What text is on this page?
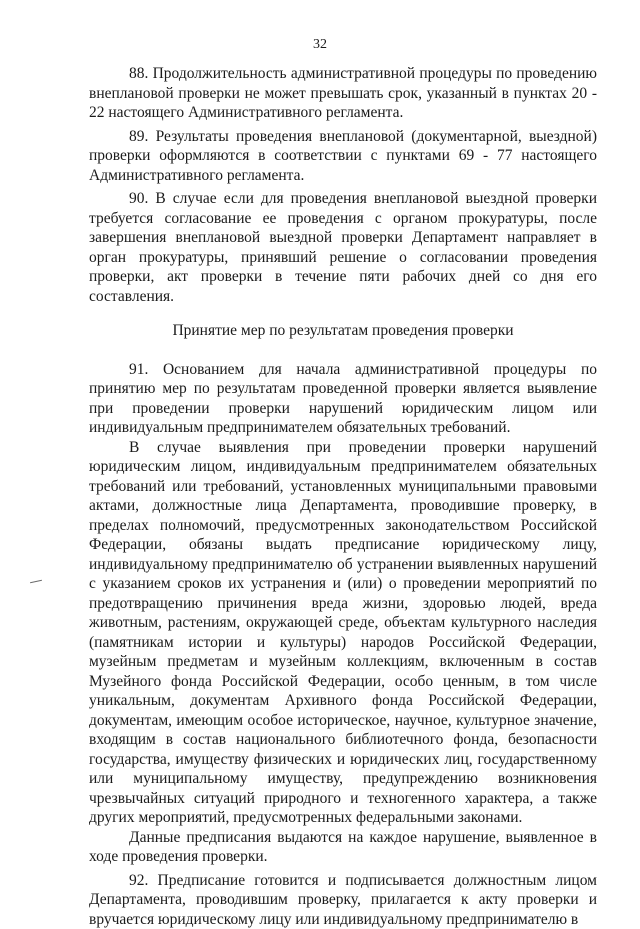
32

88. Продолжительность административной процедуры по проведению внеплановой проверки не может превышать срок, указанный в пунктах 20 - 22 настоящего Административного регламента.

89. Результаты проведения внеплановой (документарной, выездной) проверки оформляются в соответствии с пунктами 69 - 77 настоящего Административного регламента.

90. В случае если для проведения внеплановой выездной проверки требуется согласование ее проведения с органом прокуратуры, после завершения внеплановой выездной проверки Департамент направляет в орган прокуратуры, принявший решение о согласовании проведения проверки, акт проверки в течение пяти рабочих дней со дня его составления.

Принятие мер по результатам проведения проверки

91. Основанием для начала административной процедуры по принятию мер по результатам проведенной проверки является выявление при проведении проверки нарушений юридическим лицом или индивидуальным предпринимателем обязательных требований.

В случае выявления при проведении проверки нарушений юридическим лицом, индивидуальным предпринимателем обязательных требований или требований, установленных муниципальными правовыми актами, должностные лица Департамента, проводившие проверку, в пределах полномочий, предусмотренных законодательством Российской Федерации, обязаны выдать предписание юридическому лицу, индивидуальному предпринимателю об устранении выявленных нарушений с указанием сроков их устранения и (или) о проведении мероприятий по предотвращению причинения вреда жизни, здоровью людей, вреда животным, растениям, окружающей среде, объектам культурного наследия (памятникам истории и культуры) народов Российской Федерации, музейным предметам и музейным коллекциям, включенным в состав Музейного фонда Российской Федерации, особо ценным, в том числе уникальным, документам Архивного фонда Российской Федерации, документам, имеющим особое историческое, научное, культурное значение, входящим в состав национального библиотечного фонда, безопасности государства, имуществу физических и юридических лиц, государственному или муниципальному имуществу, предупреждению возникновения чрезвычайных ситуаций природного и техногенного характера, а также других мероприятий, предусмотренных федеральными законами.

Данные предписания выдаются на каждое нарушение, выявленное в ходе проведения проверки.

92. Предписание готовится и подписывается должностным лицом Департамента, проводившим проверку, прилагается к акту проверки и вручается юридическому лицу или индивидуальному предпринимателю в
